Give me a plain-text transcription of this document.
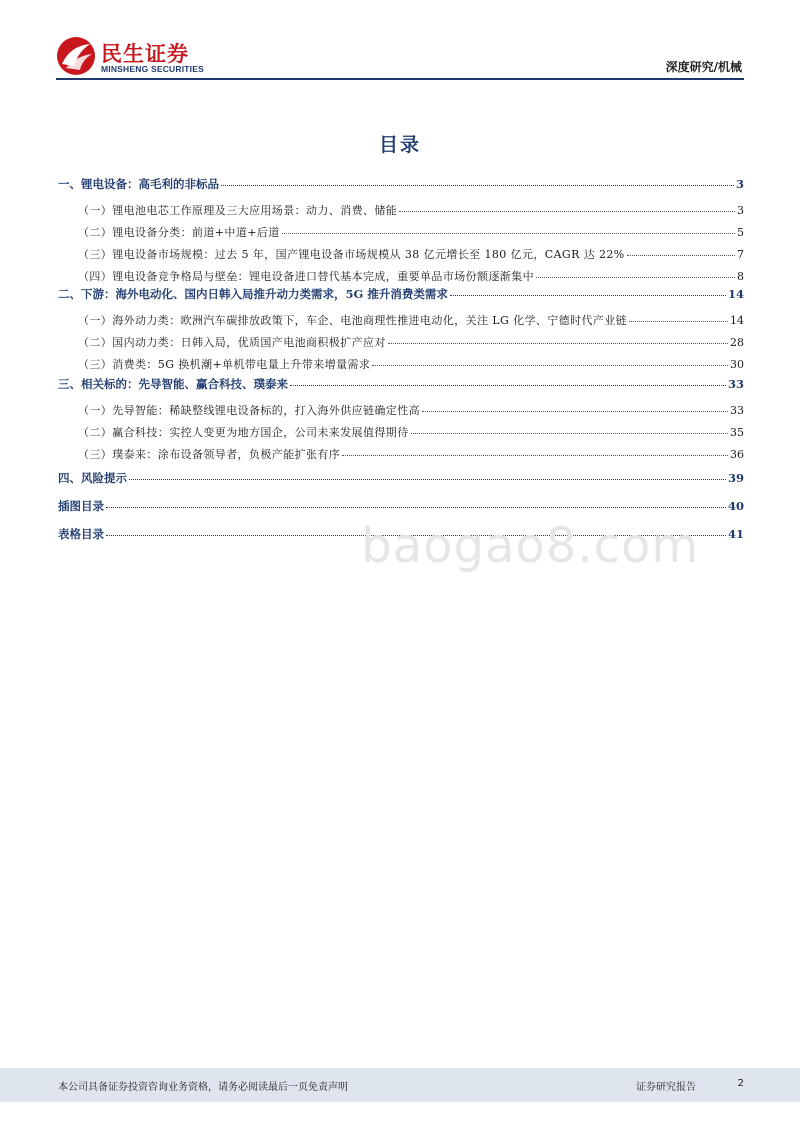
民生证券
MINSHENG SECURITIES	深度研究/机械
目录
一、锂电设备：高毛利的非标品	3
（一）锂电池电芯工作原理及三大应用场景：动力、消费、储能	3
（二）锂电设备分类：前道+中道+后道	5
（三）锂电设备市场规模：过去 5 年，国产锂电设备市场规模从 38 亿元增长至 180 亿元，CAGR 达 22%	7
（四）锂电设备竞争格局与壁垒：锂电设备进口替代基本完成，重要单品市场份额逐渐集中	8
二、下游：海外电动化、国内日韩入局推升动力类需求，5G 推升消费类需求	14
（一）海外动力类：欧洲汽车碳排放政策下，车企、电池商理性推进电动化，关注 LG 化学、宁德时代产业链	14
（二）国内动力类：日韩入局，优质国产电池商积极扩产应对	28
（三）消费类：5G 换机潮+单机带电量上升带来增量需求	30
三、相关标的：先导智能、赢合科技、璞泰来	33
（一）先导智能：稀缺整线锂电设备标的，打入海外供应链确定性高	33
（二）赢合科技：实控人变更为地方国企，公司未来发展值得期待	35
（三）璞泰来：涂布设备领导者，负极产能扩张有序	36
四、风险提示	39
插图目录	40
表格目录	41
baogao8.com
本公司具备证券投资咨询业务资格，请务必阅读最后一页免责声明	证券研究报告	2
